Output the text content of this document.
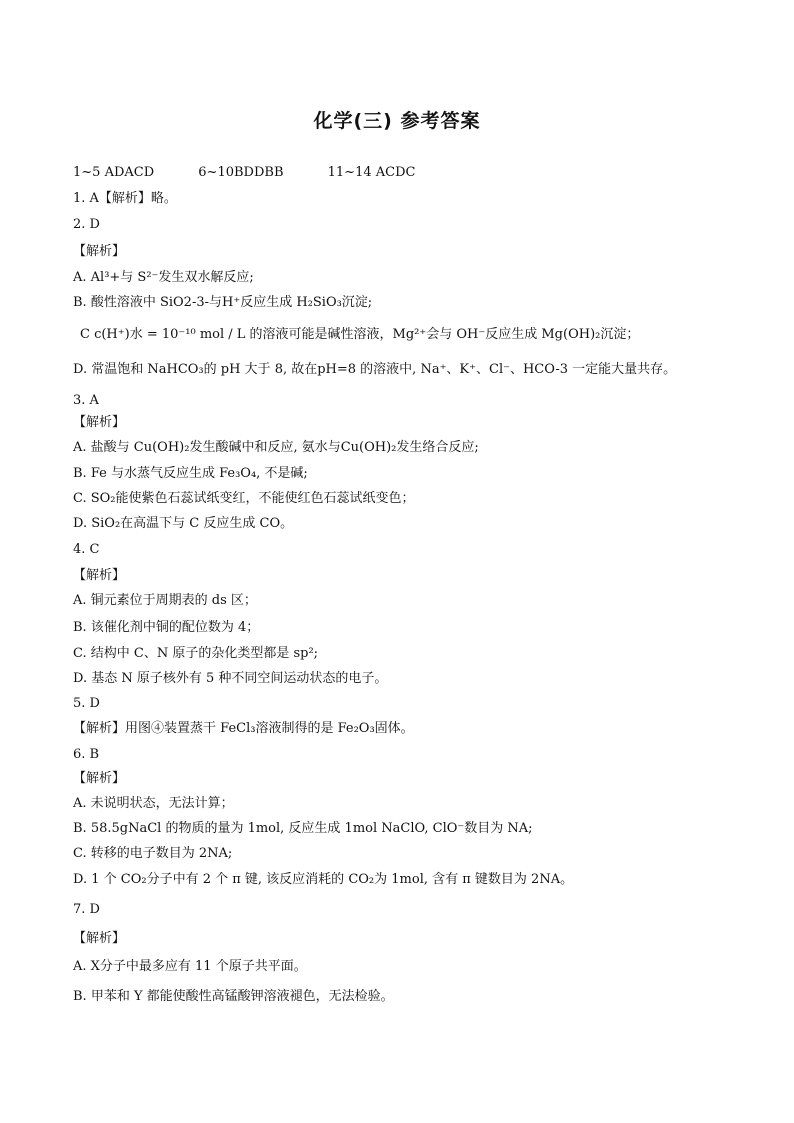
化学(三) 参考答案
1~5 ADACD	6~10BDDBB	11~14 ACDC
1. A【解析】略。
2. D
【解析】
A. Al³+与 S²⁻发生双水解反应;
B. 酸性溶液中 SiO2-3-与H⁺反应生成 H₂SiO₃沉淀;
C c(H⁺)水 = 10⁻¹⁰ mol / L 的溶液可能是碱性溶液，Mg²⁺会与 OH⁻反应生成 Mg(OH)₂沉淀；
D. 常温饱和 NaHCO₃的 pH 大于 8, 故在pH=8 的溶液中, Na⁺、K⁺、Cl⁻、HCO-3 一定能大量共存。
3. A
【解析】
A. 盐酸与 Cu(OH)₂发生酸碱中和反应, 氨水与Cu(OH)₂发生络合反应;
B. Fe 与水蒸气反应生成 Fe₃O₄, 不是碱;
C. SO₂能使紫色石蕊试纸变红，不能使红色石蕊试纸变色；
D. SiO₂在高温下与 C 反应生成 CO。
4. C
【解析】
A. 铜元素位于周期表的 ds 区；
B. 该催化剂中铜的配位数为 4；
C. 结构中 C、N 原子的杂化类型都是 sp²;
D. 基态 N 原子核外有 5 种不同空间运动状态的电子。
5. D
【解析】用图④装置蒸干 FeCl₃溶液制得的是 Fe₂O₃固体。
6. B
【解析】
A. 未说明状态，无法计算；
B. 58.5gNaCl 的物质的量为 1mol, 反应生成 1mol NaClO, ClO⁻数目为 NA;
C. 转移的电子数目为 2NA;
D. 1 个 CO₂分子中有 2 个 π 键, 该反应消耗的 CO₂为 1mol, 含有 π 键数目为 2NA。
7. D
【解析】
A. X分子中最多应有 11 个原子共平面。
B. 甲苯和 Y 都能使酸性高锰酸钾溶液褪色，无法检验。
